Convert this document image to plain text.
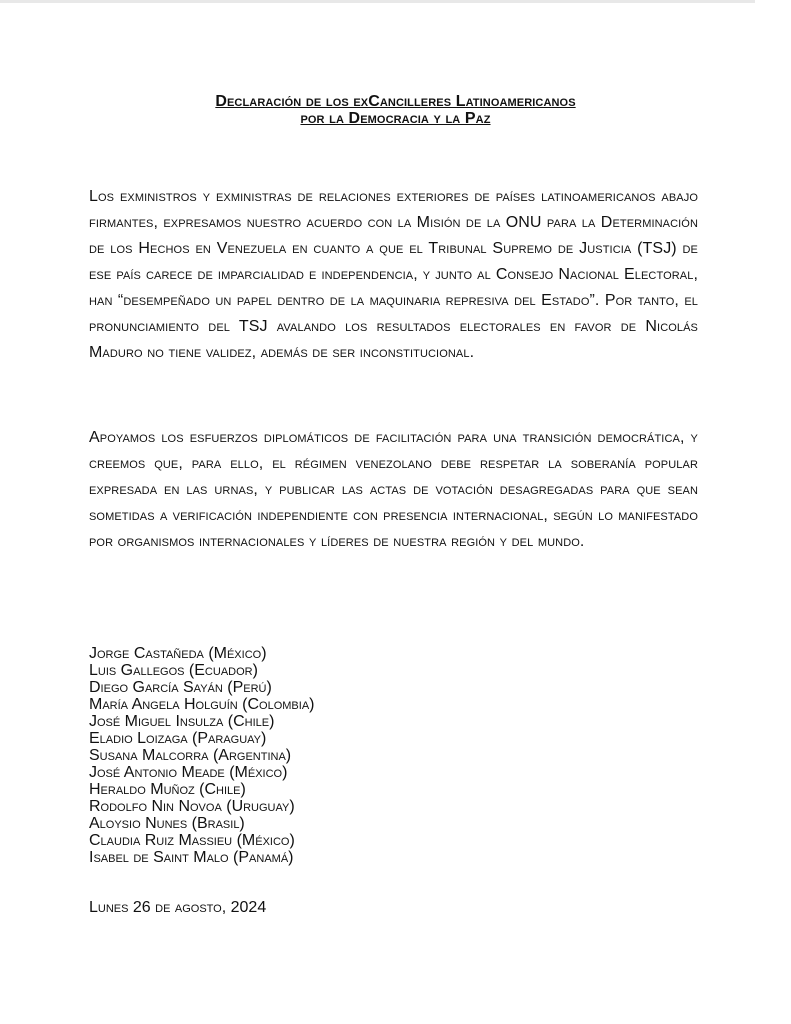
Declaración de los exCancilleres Latinoamericanos
por la Democracia y la Paz
Los exministros y exministras de relaciones exteriores de países latinoamericanos abajo firmantes, expresamos nuestro acuerdo con la Misión de la ONU para la Determinación de los Hechos en Venezuela en cuanto a que el Tribunal Supremo de Justicia (TSJ) de ese país carece de imparcialidad e independencia, y junto al Consejo Nacional Electoral, han “desempeñado un papel dentro de la maquinaria represiva del Estado”. Por tanto, el pronunciamiento del TSJ avalando los resultados electorales en favor de Nicolás Maduro no tiene validez, además de ser inconstitucional.
Apoyamos los esfuerzos diplomáticos de facilitación para una transición democrática, y creemos que, para ello, el régimen venezolano debe respetar la soberanía popular expresada en las urnas, y publicar las actas de votación desagregadas para que sean sometidas a verificación independiente con presencia internacional, según lo manifestado por organismos internacionales y líderes de nuestra región y del mundo.
Jorge Castañeda (México)
Luis Gallegos (Ecuador)
Diego García Sayán (Perú)
María Angela Holguín (Colombia)
José Miguel Insulza (Chile)
Eladio Loizaga (Paraguay)
Susana Malcorra (Argentina)
José Antonio Meade (México)
Heraldo Muñoz (Chile)
Rodolfo Nin Novoa (Uruguay)
Aloysio Nunes (Brasil)
Claudia Ruiz Massieu (México)
Isabel de Saint Malo (Panamá)
Lunes 26 de agosto, 2024
